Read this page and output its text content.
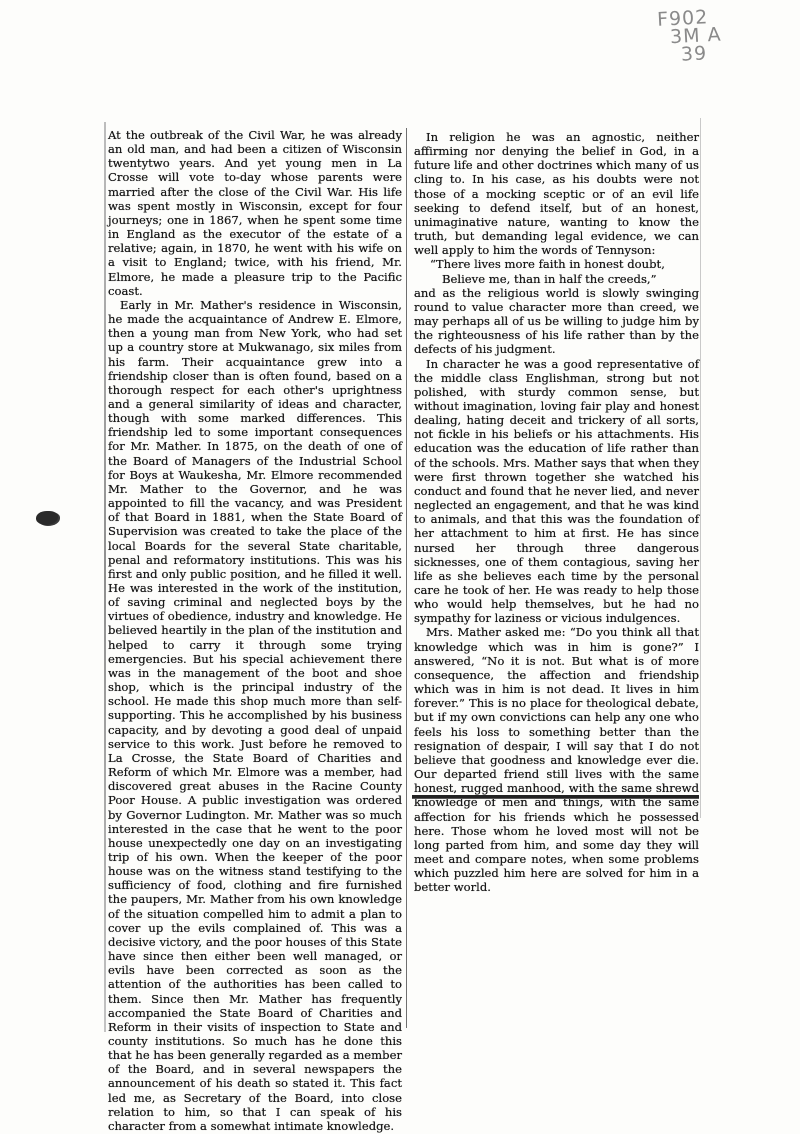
F902
3M A
39

At the outbreak of the Civil War, he was already an old man, and had been a citizen of Wisconsin twentytwo years. And yet young men in La Crosse will vote to-day whose parents were married after the close of the Civil War. His life was spent mostly in Wisconsin, except for four journeys; one in 1867, when he spent some time in England as the executor of the estate of a relative; again, in 1870, he went with his wife on a visit to England; twice, with his friend, Mr. Elmore, he made a pleasure trip to the Pacific coast.

Early in Mr. Mather's residence in Wisconsin, he made the acquaintance of Andrew E. Elmore, then a young man from New York, who had set up a country store at Mukwanago, six miles from his farm. Their acquaintance grew into a friendship closer than is often found, based on a thorough respect for each other's uprightness and a general similarity of ideas and character, though with some marked differences. This friendship led to some important consequences for Mr. Mather. In 1875, on the death of one of the Board of Managers of the Industrial School for Boys at Waukesha, Mr. Elmore recommended Mr. Mather to the Governor, and he was appointed to fill the vacancy, and was President of that Board in 1881, when the State Board of Supervision was created to take the place of the local Boards for the several State charitable, penal and reformatory institutions. This was his first and only public position, and he filled it well. He was interested in the work of the institution, of saving criminal and neglected boys by the virtues of obedience, industry and knowledge. He believed heartily in the plan of the institution and helped to carry it through some trying emergencies. But his special achievement there was in the management of the boot and shoe shop, which is the principal industry of the school. He made this shop much more than self-supporting. This he accomplished by his business capacity, and by devoting a good deal of unpaid service to this work. Just before he removed to La Crosse, the State Board of Charities and Reform of which Mr. Elmore was a member, had discovered great abuses in the Racine County Poor House. A public investigation was ordered by Governor Ludington. Mr. Mather was so much interested in the case that he went to the poor house unexpectedly one day on an investigating trip of his own. When the keeper of the poor house was on the witness stand testifying to the sufficiency of food, clothing and fire furnished the paupers, Mr. Mather from his own knowledge of the situation compelled him to admit a plan to cover up the evils complained of. This was a decisive victory, and the poor houses of this State have since then either been well managed, or evils have been corrected as soon as the attention of the authorities has been called to them. Since then Mr. Mather has frequently accompanied the State Board of Charities and Reform in their visits of inspection to State and county institutions. So much has he done this that he has been generally regarded as a member of the Board, and in several newspapers the announcement of his death so stated it. This fact led me, as Secretary of the Board, into close relation to him, so that I can speak of his character from a somewhat intimate knowledge.

In religion he was an agnostic, neither affirming nor denying the belief in God, in a future life and other doctrines which many of us cling to. In his case, as his doubts were not those of a mocking sceptic or of an evil life seeking to defend itself, but of an honest, unimaginative nature, wanting to know the truth, but demanding legal evidence, we can well apply to him the words of Tennyson:

“There lives more faith in honest doubt,
Believe me, than in half the creeds,”

and as the religious world is slowly swinging round to value character more than creed, we may perhaps all of us be willing to judge him by the righteousness of his life rather than by the defects of his judgment.

In character he was a good representative of the middle class Englishman, strong but not polished, with sturdy common sense, but without imagination, loving fair play and honest dealing, hating deceit and trickery of all sorts, not fickle in his beliefs or his attachments. His education was the education of life rather than of the schools. Mrs. Mather says that when they were first thrown together she watched his conduct and found that he never lied, and never neglected an engagement, and that he was kind to animals, and that this was the foundation of her attachment to him at first. He has since nursed her through three dangerous sicknesses, one of them contagious, saving her life as she believes each time by the personal care he took of her. He was ready to help those who would help themselves, but he had no sympathy for laziness or vicious indulgences.

Mrs. Mather asked me: “Do you think all that knowledge which was in him is gone?” I answered, “No it is not. But what is of more consequence, the affection and friendship which was in him is not dead. It lives in him forever.” This is no place for theological debate, but if my own convictions can help any one who feels his loss to something better than the resignation of despair, I will say that I do not believe that goodness and knowledge ever die. Our departed friend still lives with the same honest, rugged manhood, with the same shrewd knowledge of men and things, with the same affection for his friends which he possessed here. Those whom he loved most will not be long parted from him, and some day they will meet and compare notes, when some problems which puzzled him here are solved for him in a better world.
